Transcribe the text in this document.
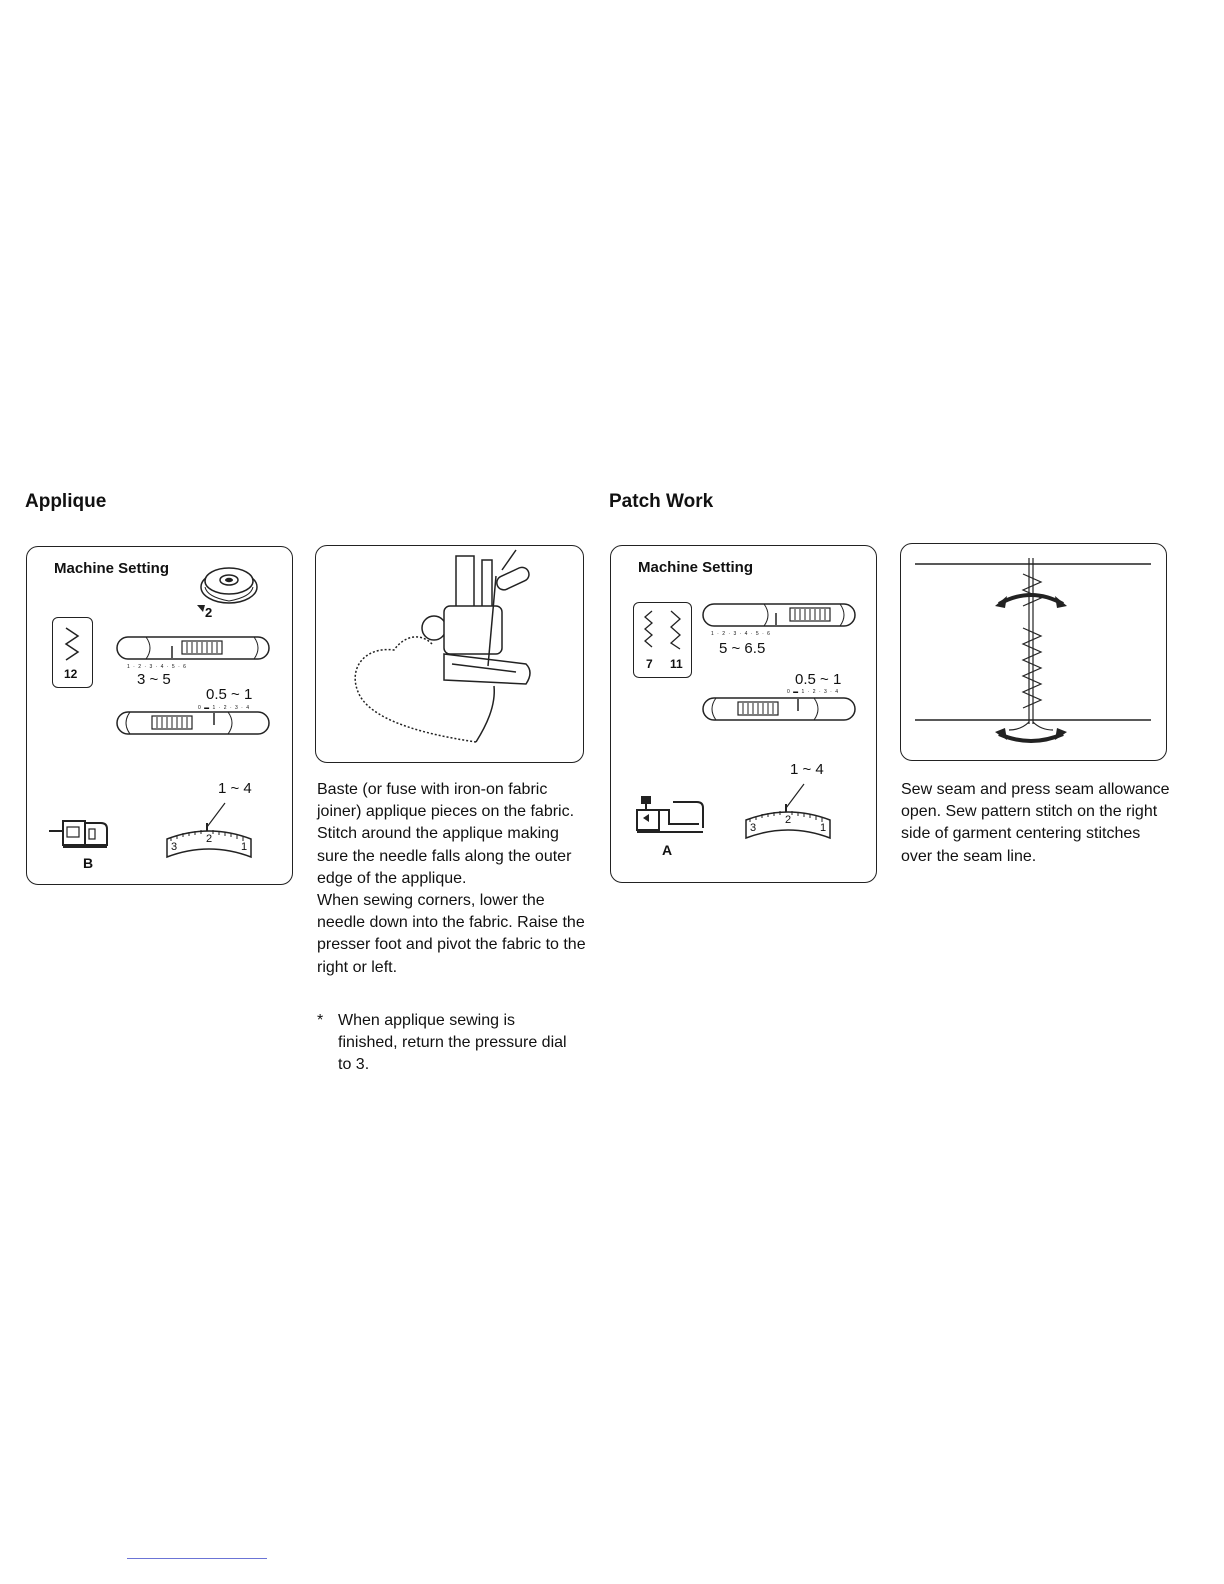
Applique
Machine Setting
2
12	1 · 2 · 3 · 4 · 5 · 6
3 ~ 5
0.5 ~ 1
0 ▬ 1 · 2 · 3 · 4
1 ~ 4
3
2
1
B

Baste (or fuse with iron-on fabric joiner) applique pieces on the fabric.

Stitch around the applique making sure the needle falls along the outer edge of the applique.

When sewing corners, lower the needle down into the fabric. Raise the presser foot and pivot the fabric to the right or left.

* When applique sewing is finished, return the pressure dial to 3.
Patch Work
Machine Setting
7 11
1 · 2 · 3 · 4 · 5 · 6
5 ~ 6.5
0.5 ~ 1
0 ▬ 1 · 2 · 3 · 4
1 ~ 4
3
2
1
A
Sew seam and press seam allowance open. Sew pattern stitch on the right side of garment centering stitches over the seam line.
